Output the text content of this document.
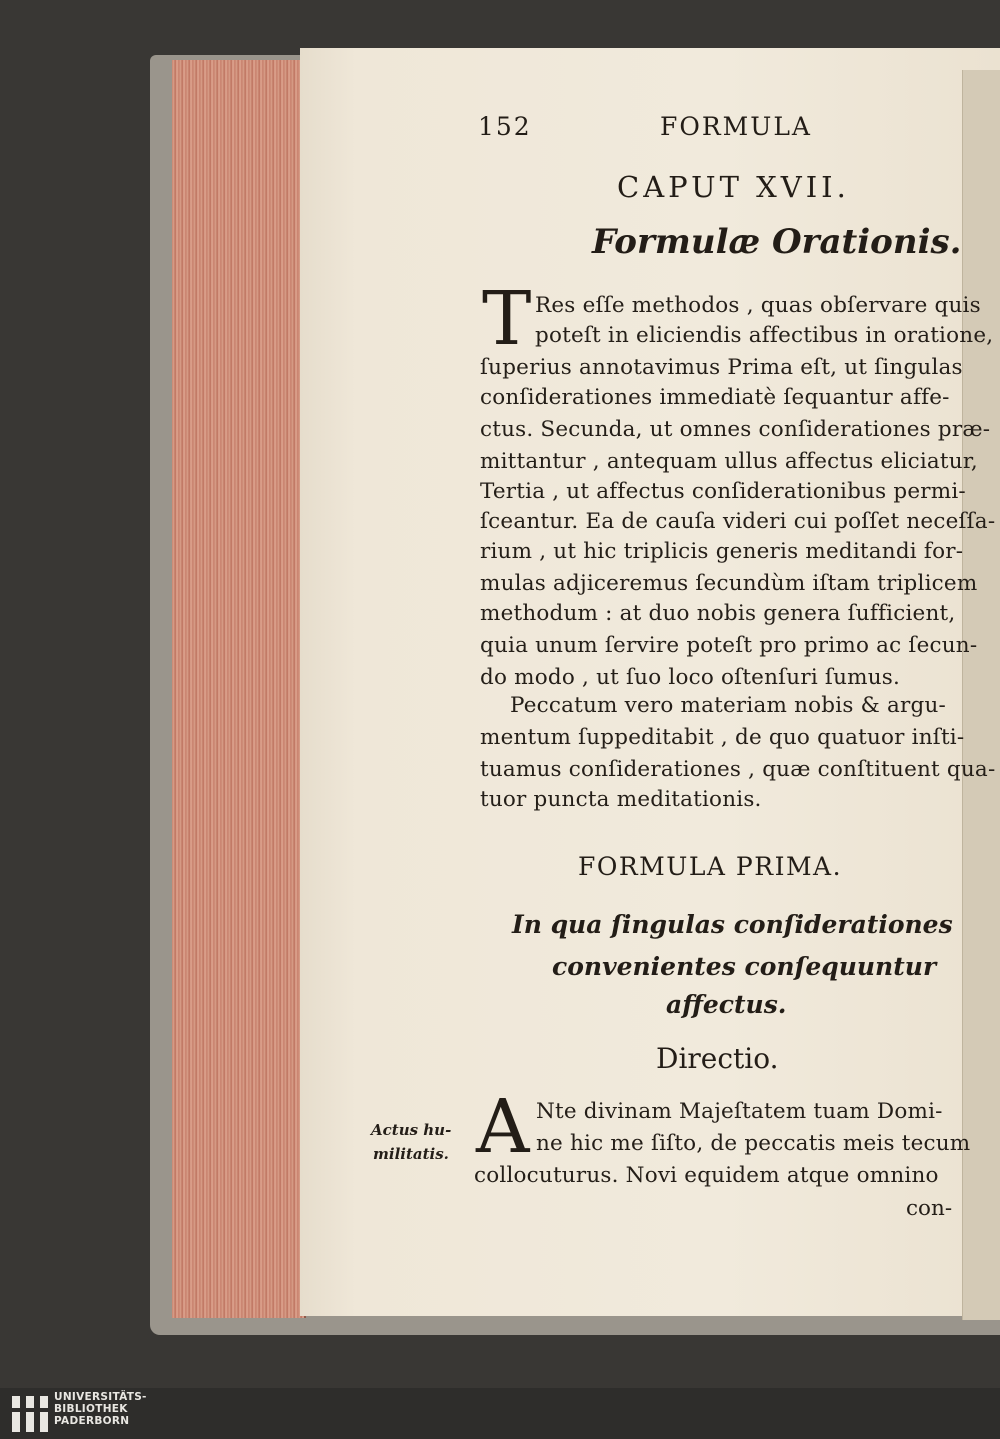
152	FORMULA

CAPUT XVII.

Formulæ Orationis.

T Res eſſe methodos , quas obſervare quis

poteſt in eliciendis affectibus in oratione,

ſuperius annotavimus Prima eſt, ut ſingulas

conſiderationes immediatè ſequantur affe-

ctus. Secunda, ut omnes conſiderationes præ-

mittantur , antequam ullus affectus eliciatur,

Tertia , ut affectus conſiderationibus permi-

ſceantur. Ea de cauſa videri cui poſſet neceſſa-

rium , ut hic triplicis generis meditandi for-

mulas adjiceremus ſecundùm iſtam triplicem

methodum : at duo nobis genera ſufficient,

quia unum ſervire poteſt pro primo ac ſecun-

do modo , ut ſuo loco oſtenſuri ſumus.

Peccatum vero materiam nobis & argu-

mentum ſuppeditabit , de quo quatuor inſti-

tuamus conſiderationes , quæ conſtituent qua-

tuor puncta meditationis.

FORMULA PRIMA.

In qua ſingulas conſiderationes

convenientes conſequuntur

affectus.

Directio.

A Nte divinam Majeſtatem tuam Domi-

ne hic me ſiſto, de peccatis meis tecum

collocuturus. Novi equidem atque omnino

con-

Actus hu-

militatis.

UNIVERSITÄTS-
BIBLIOTHEK
PADERBORN
